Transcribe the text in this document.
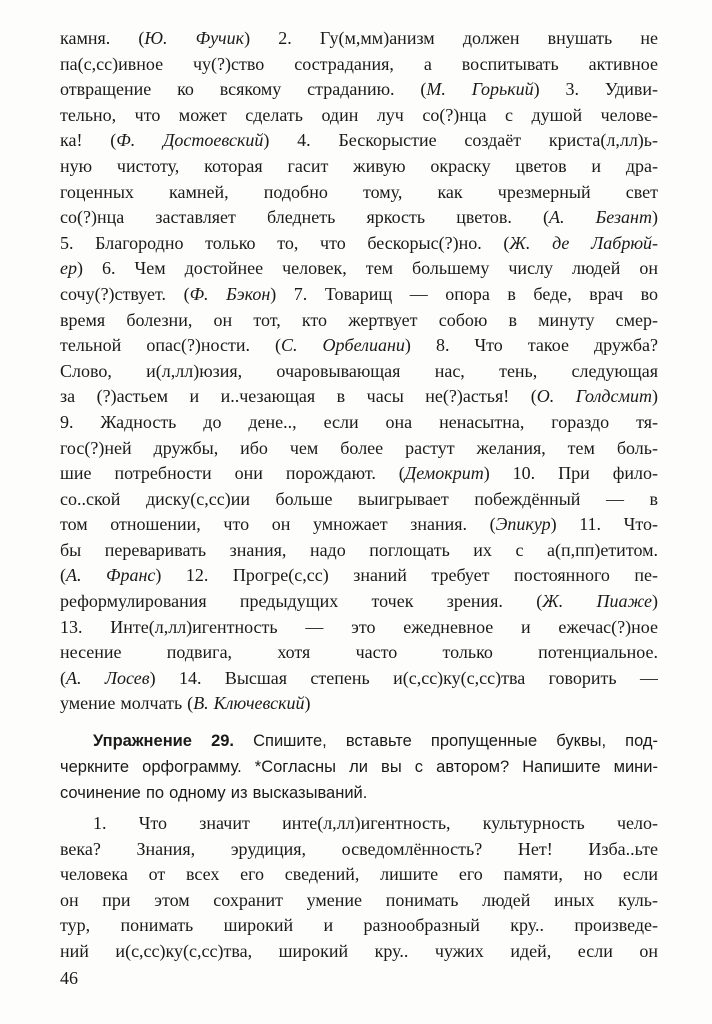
камня. (Ю. Фучик) 2. Гу(м,мм)анизм должен внушать не
па(с,сс)ивное чу(?)ство сострадания, а воспитывать активное
отвращение ко всякому страданию. (М. Горький) 3. Удиви-
тельно, что может сделать один луч со(?)нца с душой челове-
ка! (Ф. Достоевский) 4. Бескорыстие создаёт криста(л,лл)ь-
ную чистоту, которая гасит живую окраску цветов и дра-
гоценных камней, подобно тому, как чрезмерный свет
со(?)нца заставляет бледнеть яркость цветов. (А. Безант)
5. Благородно только то, что бескорыс(?)но. (Ж. де Лабрюй-
ер) 6. Чем достойнее человек, тем большему числу людей он
сочу(?)ствует. (Ф. Бэкон) 7. Товарищ — опора в беде, врач во
время болезни, он тот, кто жертвует собою в минуту смер-
тельной опас(?)ности. (С. Орбелиани) 8. Что такое дружба?
Слово, и(л,лл)юзия, очаровывающая нас, тень, следующая
за (?)астьем и и..чезающая в часы не(?)астья! (О. Голдсмит)
9. Жадность до дене.., если она ненасытна, гораздо тя-
гос(?)ней дружбы, ибо чем более растут желания, тем боль-
шие потребности они порождают. (Демокрит) 10. При фило-
со..ской диску(с,сс)ии больше выигрывает побеждённый — в
том отношении, что он умножает знания. (Эпикур) 11. Что-
бы переваривать знания, надо поглощать их с а(п,пп)етитом.
(А. Франс) 12. Прогре(с,сс) знаний требует постоянного пе-
реформулирования предыдущих точек зрения. (Ж. Пиаже)
13. Инте(л,лл)игентность — это ежедневное и ежечас(?)ное
несение подвига, хотя часто только потенциальное.
(А. Лосев) 14. Высшая степень и(с,сс)ку(с,сс)тва говорить —
умение молчать (В. Ключевский)
Упражнение 29. Спишите, вставьте пропущенные буквы, под-
черкните орфограмму. *Согласны ли вы с автором? Напишите мини-
сочинение по одному из высказываний.
1. Что значит инте(л,лл)игентность, культурность чело-
века? Знания, эрудиция, осведомлённость? Нет! Изба..ьте
человека от всех его сведений, лишите его памяти, но если
он при этом сохранит умение понимать людей иных куль-
тур, понимать широкий и разнообразный кру.. произведе-
ний и(с,сс)ку(с,сс)тва, широкий кру.. чужих идей, если он
46
